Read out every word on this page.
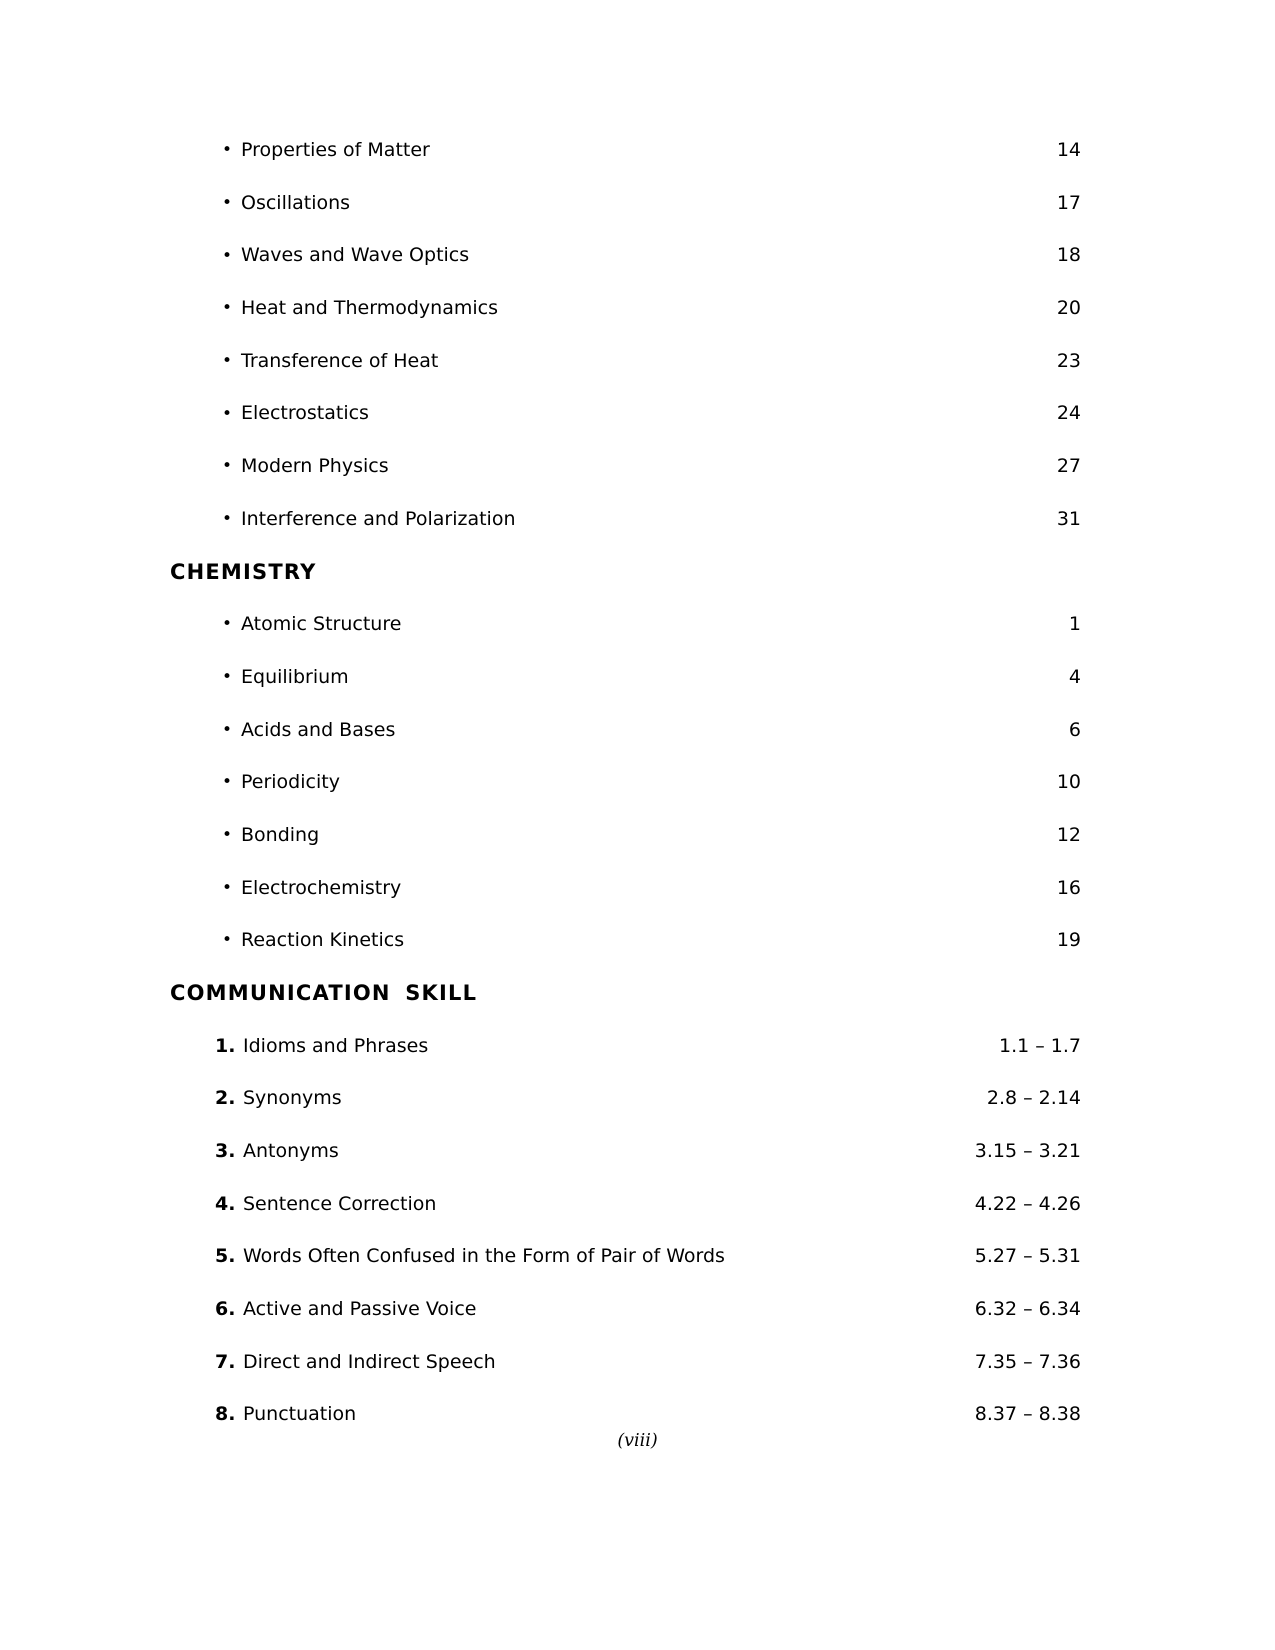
• Properties of Matter	14
• Oscillations	17
• Waves and Wave Optics	18
• Heat and Thermodynamics	20
• Transference of Heat	23
• Electrostatics	24
• Modern Physics	27
• Interference and Polarization	31
CHEMISTRY
• Atomic Structure	1
• Equilibrium	4
• Acids and Bases	6
• Periodicity	10
• Bonding	12
• Electrochemistry	16
• Reaction Kinetics	19
COMMUNICATION SKILL
1. Idioms and Phrases	1.1 – 1.7
2. Synonyms	2.8 – 2.14
3. Antonyms	3.15 – 3.21
4. Sentence Correction	4.22 – 4.26
5. Words Often Confused in the Form of Pair of Words	5.27 – 5.31
6. Active and Passive Voice	6.32 – 6.34
7. Direct and Indirect Speech	7.35 – 7.36
8. Punctuation	8.37 – 8.38
(viii)
